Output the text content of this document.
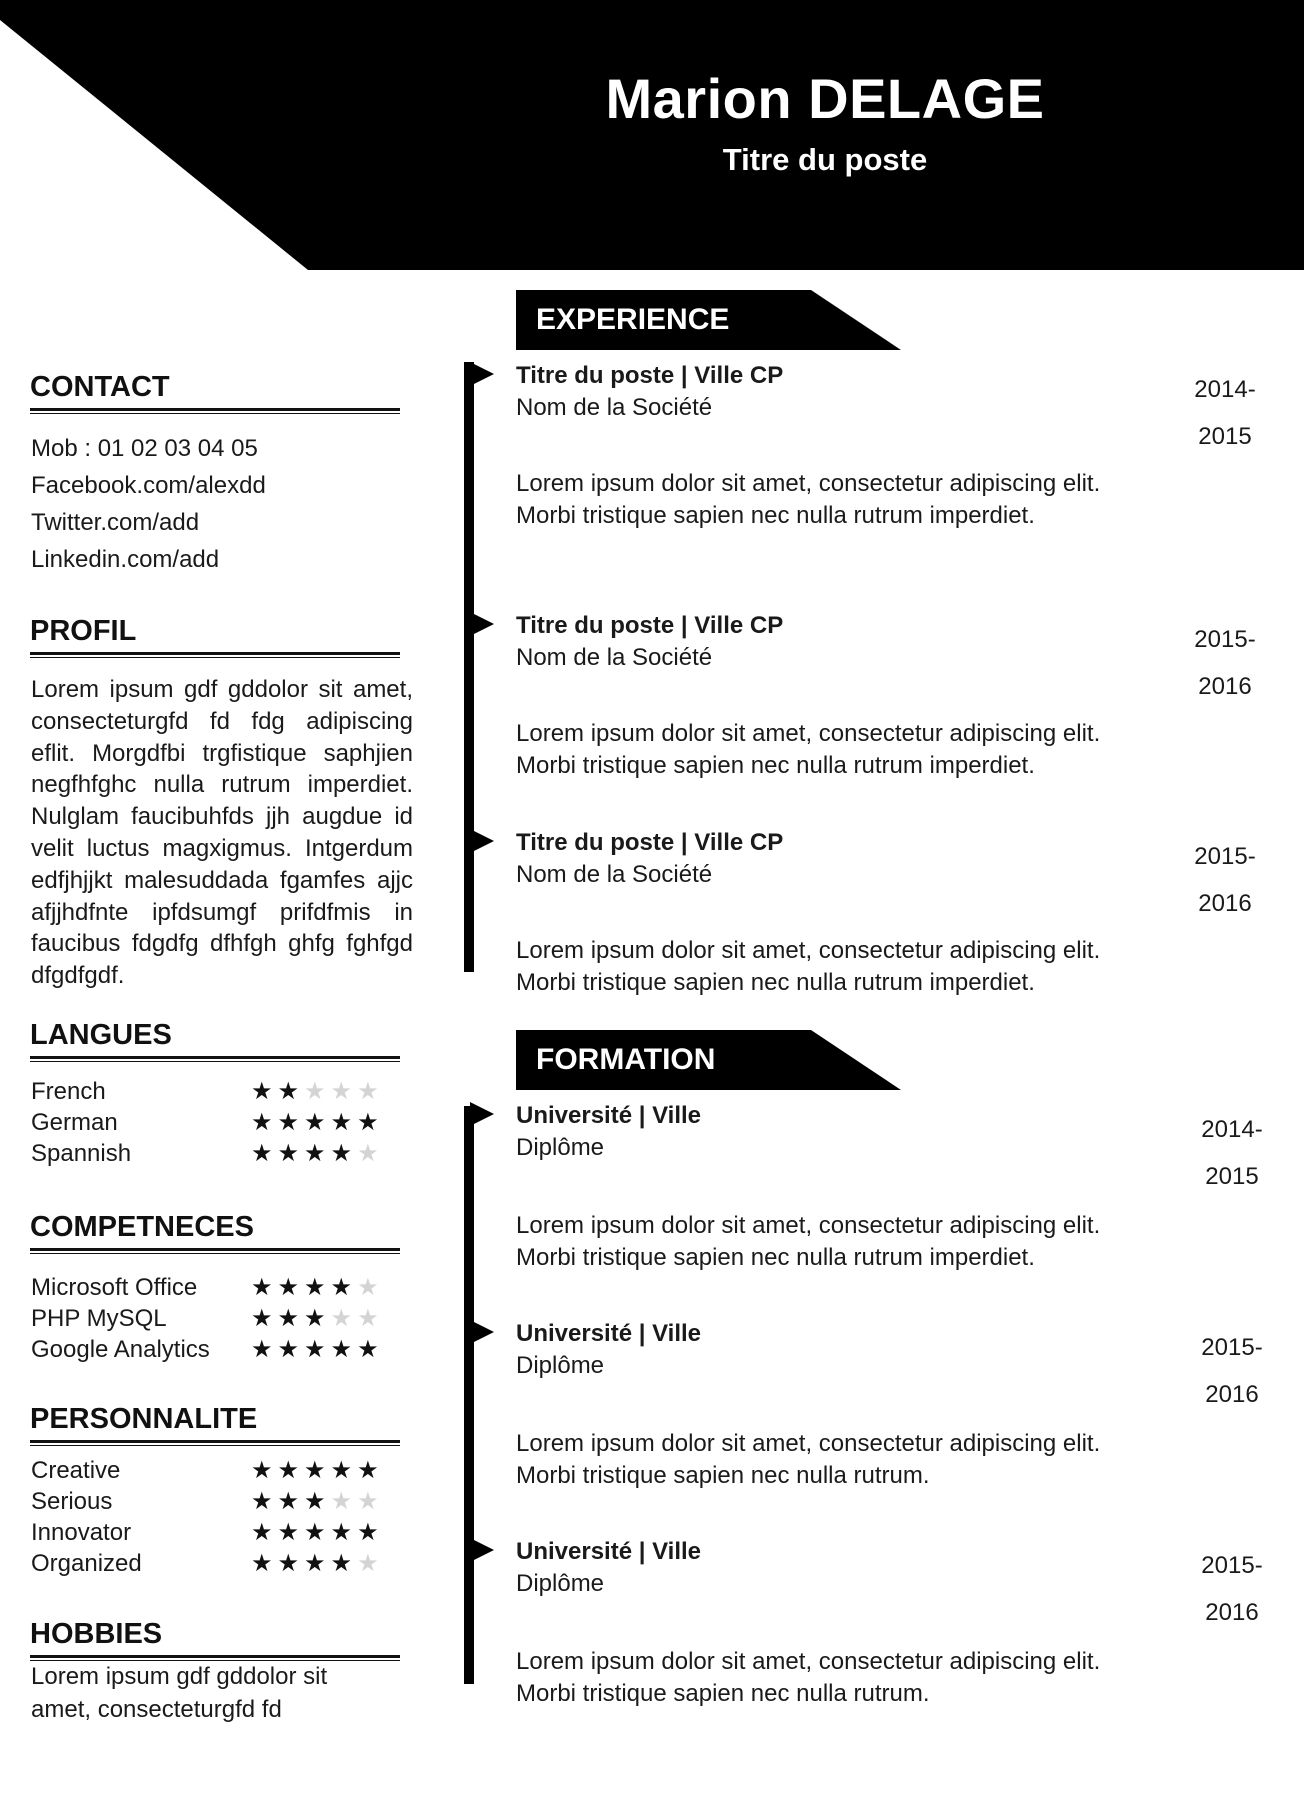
Marion DELAGE
Titre du poste
CONTACT
Mob : 01 02 03 04 05
Facebook.com/alexdd
Twitter.com/add
Linkedin.com/add
PROFIL
Lorem ipsum gdf gddolor sit amet, consecteturgfd fd fdg adipiscing eflit. Morgdfbi trgfistique saphjien negfhfghc nulla rutrum imperdiet. Nulglam faucibuhfds jjh augdue id velit luctus magxigmus. Intgerdum edfjhjjkt malesuddada fgamfes ajjc afjjhdfnte ipfdsumgf prifdfmis in faucibus fdgdfg dfhfgh ghfg fghfgd dfgdfgdf.
LANGUES
French	★★★★★
German	★★★★★
Spannish	★★★★★
COMPETNECES
Microsoft Office ★★★★★
PHP MySQL	★★★★★
Google Analytics ★★★★★
PERSONNALITE
Creative	★★★★★
Serious	★★★★★
Innovator	★★★★★
Organized	★★★★★
HOBBIES
Lorem ipsum gdf gddolor sit amet, consecteturgfd fd
EXPERIENCE
Titre du poste | Ville CP
Nom de la Société
Lorem ipsum dolor sit amet, consectetur adipiscing elit. Morbi tristique sapien nec nulla rutrum imperdiet.
2014-
2015
Titre du poste | Ville CP
Nom de la Société
Lorem ipsum dolor sit amet, consectetur adipiscing elit. Morbi tristique sapien nec nulla rutrum imperdiet.
2015-
2016
Titre du poste | Ville CP
Nom de la Société
Lorem ipsum dolor sit amet, consectetur adipiscing elit. Morbi tristique sapien nec nulla rutrum imperdiet.
2015-
2016
FORMATION
Université | Ville
Diplôme
Lorem ipsum dolor sit amet, consectetur adipiscing elit. Morbi tristique sapien nec nulla rutrum imperdiet.
2014-
2015
Université | Ville
Diplôme
Lorem ipsum dolor sit amet, consectetur adipiscing elit. Morbi tristique sapien nec nulla rutrum.
2015-
2016
Université | Ville
Diplôme
Lorem ipsum dolor sit amet, consectetur adipiscing elit. Morbi tristique sapien nec nulla rutrum.
2015-
2016
